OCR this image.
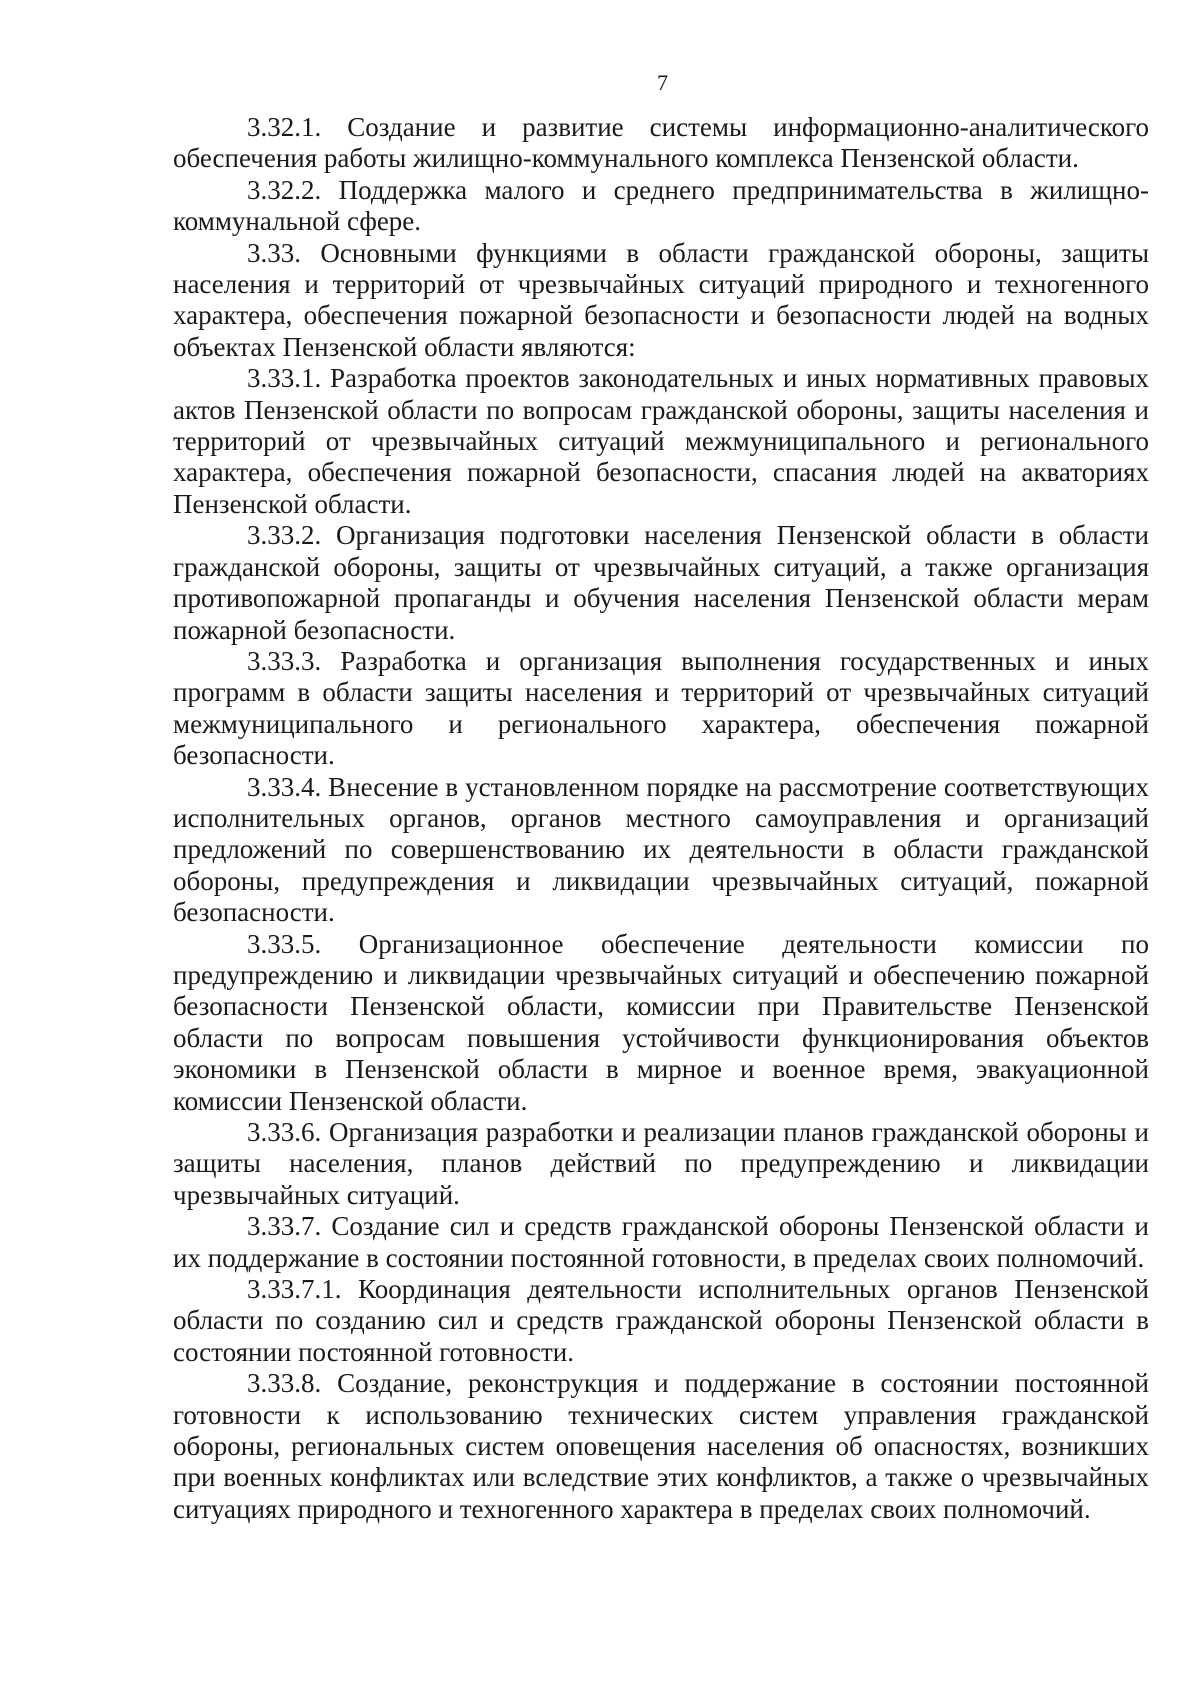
7

3.32.1. Создание и развитие системы информационно-аналитического обеспечения работы жилищно-коммунального комплекса Пензенской области.

3.32.2. Поддержка малого и среднего предпринимательства в жилищно-коммунальной сфере.

3.33. Основными функциями в области гражданской обороны, защиты населения и территорий от чрезвычайных ситуаций природного и техногенного характера, обеспечения пожарной безопасности и безопасности людей на водных объектах Пензенской области являются:

3.33.1. Разработка проектов законодательных и иных нормативных правовых актов Пензенской области по вопросам гражданской обороны, защиты населения и территорий от чрезвычайных ситуаций межмуниципального и регионального характера, обеспечения пожарной безопасности, спасания людей на акваториях Пензенской области.

3.33.2. Организация подготовки населения Пензенской области в области гражданской обороны, защиты от чрезвычайных ситуаций, а также организация противопожарной пропаганды и обучения населения Пензенской области мерам пожарной безопасности.

3.33.3. Разработка и организация выполнения государственных и иных программ в области защиты населения и территорий от чрезвычайных ситуаций межмуниципального и регионального характера, обеспечения пожарной безопасности.

3.33.4. Внесение в установленном порядке на рассмотрение соответствующих исполнительных органов, органов местного самоуправления и организаций предложений по совершенствованию их деятельности в области гражданской обороны, предупреждения и ликвидации чрезвычайных ситуаций, пожарной безопасности.

3.33.5. Организационное обеспечение деятельности комиссии по предупреждению и ликвидации чрезвычайных ситуаций и обеспечению пожарной безопасности Пензенской области, комиссии при Правительстве Пензенской области по вопросам повышения устойчивости функционирования объектов экономики в Пензенской области в мирное и военное время, эвакуационной комиссии Пензенской области.

3.33.6. Организация разработки и реализации планов гражданской обороны и защиты населения, планов действий по предупреждению и ликвидации чрезвычайных ситуаций.

3.33.7. Создание сил и средств гражданской обороны Пензенской области и их поддержание в состоянии постоянной готовности, в пределах своих полномочий.

3.33.7.1. Координация деятельности исполнительных органов Пензенской области по созданию сил и средств гражданской обороны Пензенской области в состоянии постоянной готовности.

3.33.8. Создание, реконструкция и поддержание в состоянии постоянной готовности к использованию технических систем управления гражданской обороны, региональных систем оповещения населения об опасностях, возникших при военных конфликтах или вследствие этих конфликтов, а также о чрезвычайных ситуациях природного и техногенного характера в пределах своих полномочий.
